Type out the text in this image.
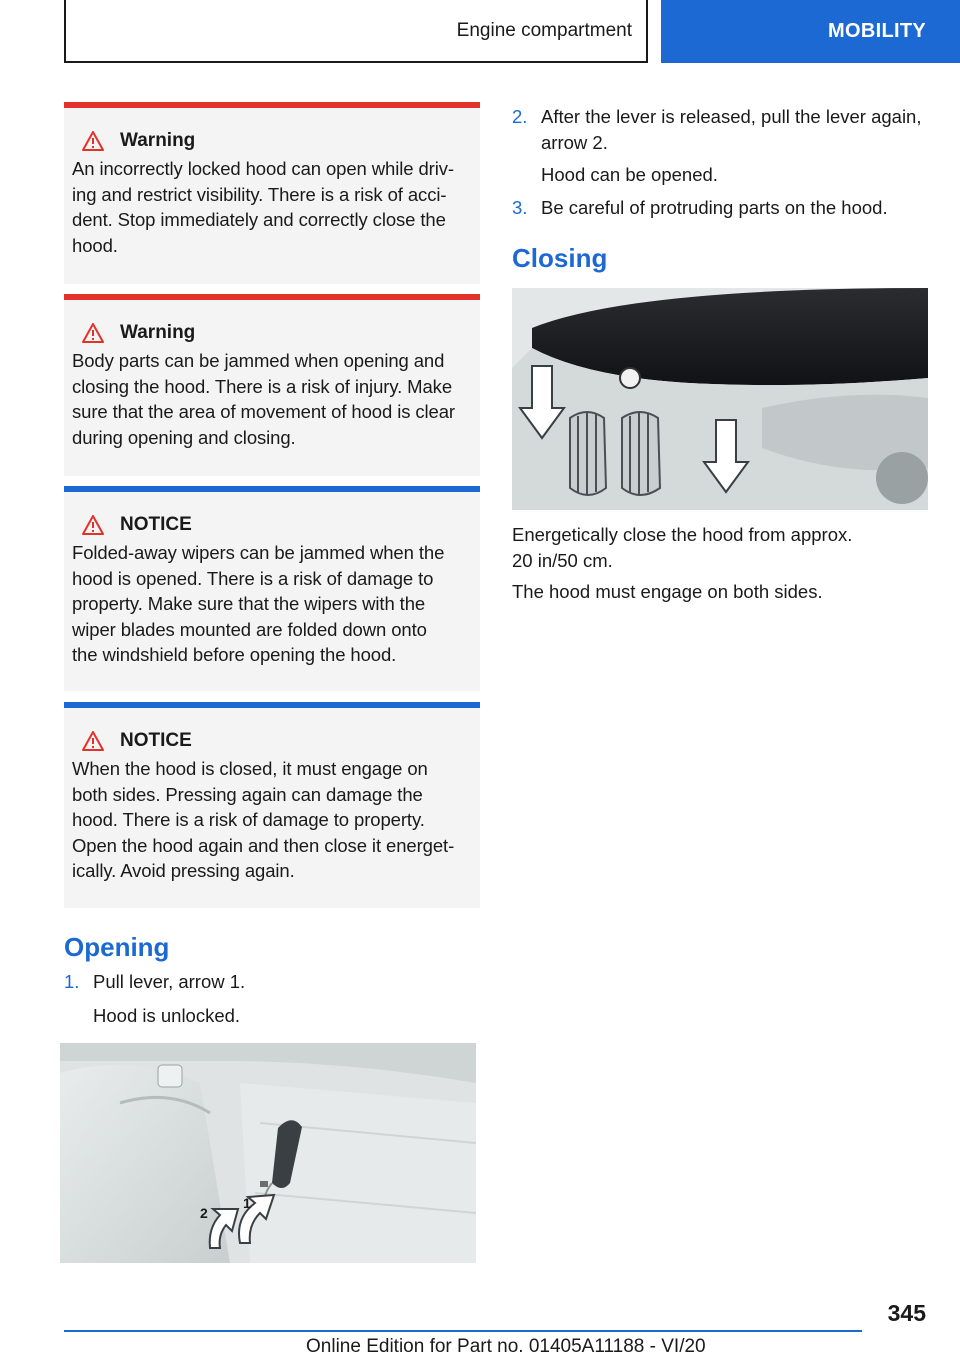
Engine compartment	MOBILITY
Warning
An incorrectly locked hood can open while driv-
ing and restrict visibility. There is a risk of acci-
dent. Stop immediately and correctly close the
hood.
Warning
Body parts can be jammed when opening and
closing the hood. There is a risk of injury. Make
sure that the area of movement of hood is clear
during opening and closing.
NOTICE
Folded-away wipers can be jammed when the
hood is opened. There is a risk of damage to
property. Make sure that the wipers with the
wiper blades mounted are folded down onto
the windshield before opening the hood.
NOTICE
When the hood is closed, it must engage on
both sides. Pressing again can damage the
hood. There is a risk of damage to property.
Open the hood again and then close it energet-
ically. Avoid pressing again.
Opening
1. Pull lever, arrow 1.
Hood is unlocked.
1
2
2. After the lever is released, pull the lever again,
arrow 2.
Hood can be opened.
3. Be careful of protruding parts on the hood.
Closing
Energetically close the hood from approx.
20 in/50 cm.
The hood must engage on both sides.
345
Online Edition for Part no. 01405A11188 - VI/20
